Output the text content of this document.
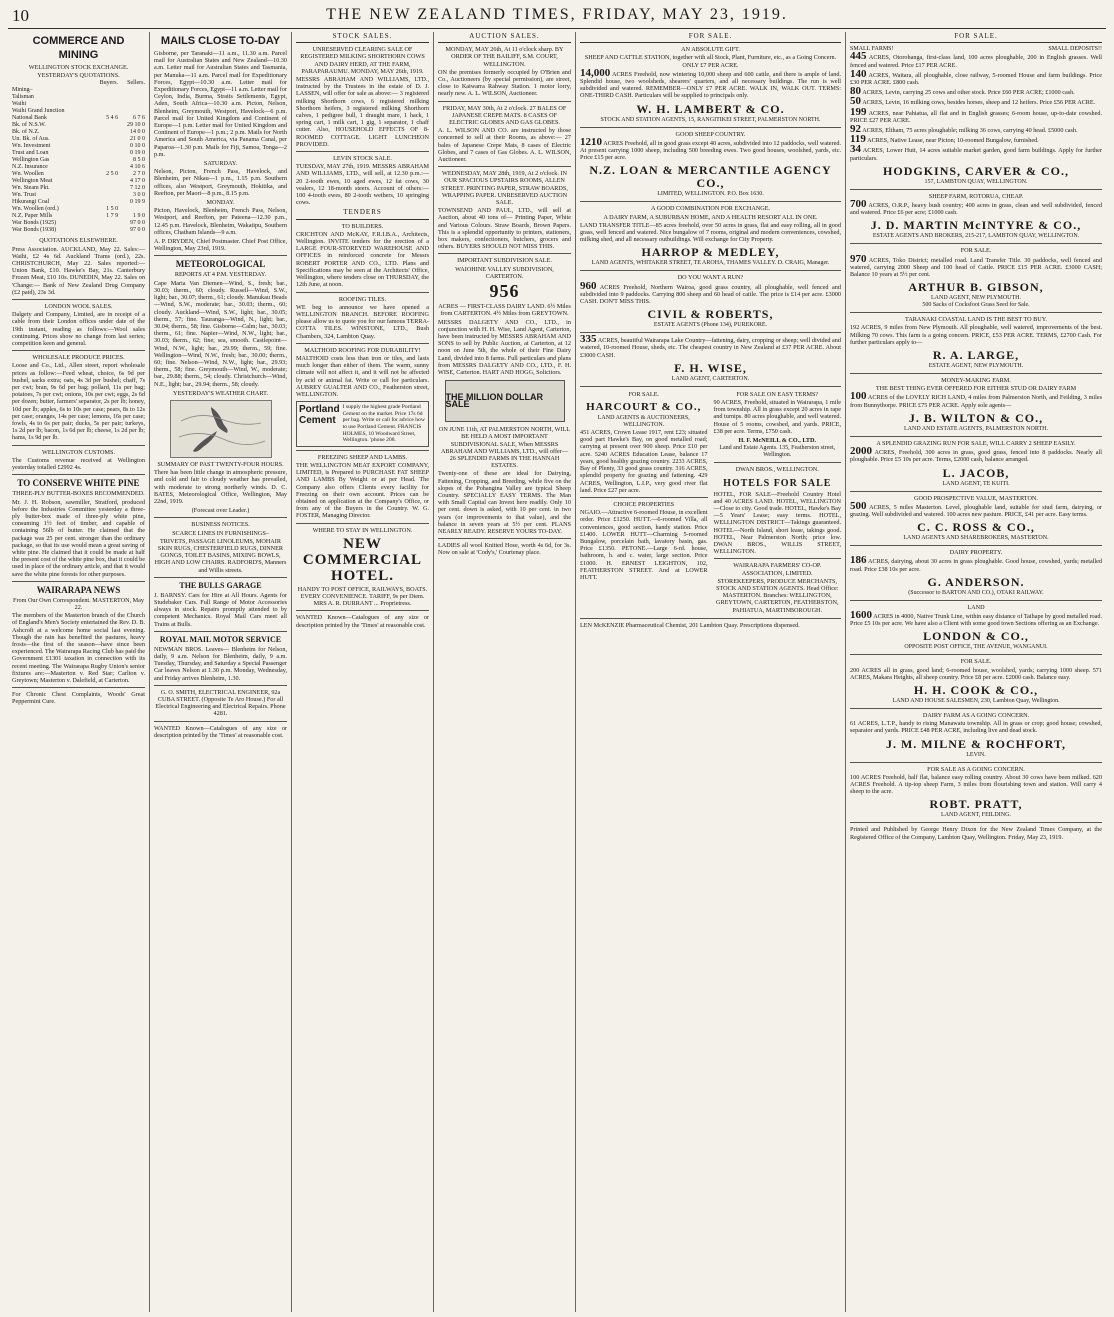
10	THE NEW ZEALAND TIMES, FRIDAY, MAY 23, 1919.
COMMERCE AND MINING
WELLINGTON STOCK EXCHANGE.
YESTERDAY'S QUOTATIONS.
	Buyers.	Sellers.
Mining–		
Talisman		
Waihi		
Waihi Grand Junction		
National Bank	5 4 6	6 7 6
Bk. of N.S.W.		29 10 0
Bk. of N.Z.		14 0 0
Un. Bk. of Aus.		21 0 0
Wn. Investment		0 10 0
Trust and Loan		0 19 0
Wellington Gas		8 5 0
N.Z. Insurance		4 10 6
Wn. Woollen	2 5 0	2 7 0
Wellington Meat		4 17 0
Wn. Steam Pkt.		7 12 0
Wn. Trust		3 0 0
Hikurangi Coal		0 19 9
Wn. Woollen (ord.)	1 5 0	
N.Z. Paper Mills	1 7 9	1 9 0
War Bonds (1925)		97 0 0
War Bonds (1938)		97 0 0
QUOTATIONS ELSEWHERE.

Press Association. AUCKLAND, May 22. Sales:— Waihi, £2 4s 6d. Auckland Trams (ord.), 22s. CHRISTCHURCH, May 22. Sales reported:— Union Bank, £10. Hawke's Bay, 21s. Canterbury Frozen Meat, £10 10s. DUNEDIN, May 22. Sales on 'Change:— Bank of New Zealand Drug Company (£2 paid), 23s 3d.

LONDON WOOL SALES.

Dalgety and Company, Limited, are in receipt of a cable from their London offices under date of the 19th instant, reading as follows:—Wool sales continuing. Prices show no change from last series; competition keen and general.

WHOLESALE PRODUCE PRICES.

Loose and Co., Ltd., Allen street, report wholesale prices as follow:—Feed wheat, choice, 6s 9d per bushel, sacks extra; oats, 4s 3d per bushel; chaff, 7s per cwt; bran, 9s 6d per bag; pollard, 11s per bag; potatoes, 7s per cwt; onions, 10s per cwt; eggs, 2s 6d per dozen; butter, farmers' separator, 2s per lb; honey, 10d per lb; apples, 6s to 10s per case; pears, 8s to 12s per case; oranges, 14s per case; lemons, 16s per case; fowls, 4s to 6s per pair; ducks, 5s per pair; turkeys, 1s 2d per lb; bacon, 1s 6d per lb; cheese, 1s 2d per lb; hams, 1s 9d per lb.

WELLINGTON CUSTOMS.

The Customs revenue received at Wellington yesterday totalled £2992 4s.

TO CONSERVE WHITE PINE
THREE-PLY BUTTER-BOXES RECOMMENDED.

Mr. J. H. Robson, sawmiller, Stratford, produced before the Industries Committee yesterday a three-ply butter-box made of three-ply white pine, consuming 1½ feet of timber, and capable of containing 56lb of butter. He claimed that the package was 25 per cent. stronger than the ordinary package, so that its use would mean a great saving of white pine. He claimed that it could be made at half the present cost of the white pine box, that it could be used in place of the ordinary article, and that it would save the white pine forests for other purposes.

WAIRARAPA NEWS
From Our Own Correspondent. MASTERTON, May 22.

The members of the Masterton branch of the Church of England's Men's Society entertained the Rev. D. B. Ashcroft at a welcome home social last evening. Though the rain has benefited the pastures, heavy frosts—the first of the season—have since been experienced. The Wairarapa Racing Club has paid the Government £1301 taxation in connection with its recent meeting. The Wairarapa Rugby Union's senior fixtures are:—Masterton v. Red Star; Carlton v. Greytown; Masterton v. Dalefield, at Carterton.

For Chronic Chest Complaints, Woods' Great Peppermint Cure.

MAILS CLOSE TO-DAY

Gisborne, per Taranaki—11 a.m., 11.30 a.m. Parcel mail for Australian States and New Zealand—10.30 a.m. Letter mail for Australian States and Tasmania, per Manuka—11 a.m. Parcel mail for Expeditionary Forces, Egypt—10.30 a.m. Letter mail for Expeditionary Forces, Egypt—11 a.m. Letter mail for Ceylon, India, Burma, Straits Settlements, Egypt, Aden, South Africa—10.30 a.m. Picton, Nelson, Blenheim, Greymouth, Westport, Havelock—6 p.m. Parcel mail for United Kingdom and Continent of Europe—1 p.m. Letter mail for United Kingdom and Continent of Europe—1 p.m.; 2 p.m. Mails for North America and South America, via Panama Canal, per Paparoa—1.30 p.m. Mails for Fiji, Samoa, Tonga—2 p.m.

SATURDAY.

Nelson, Picton, French Pass, Havelock, and Blenheim, per Nikau—1 p.m., 1.15 p.m. Southern offices, also Westport, Greymouth, Hokitika, and Reefton, per Maori—8 p.m., 8.15 p.m.

MONDAY.

Picton, Havelock, Blenheim, French Pass, Nelson, Westport, and Reefton, per Pateena—12.30 p.m., 12.45 p.m. Havelock, Blenheim, Wakatipu, Southern offices, Chatham Islands—9 a.m.

A. P. DRYDEN, Chief Postmaster. Chief Post Office, Wellington, May 23rd, 1919.

METEOROLOGICAL
REPORTS AT 4 P.M. YESTERDAY.

Cape Maria Van Diemen—Wind, S., fresh; bar., 30.03; therm., 60; cloudy. Russell—Wind, S.W., light; bar., 30.07; therm., 61; cloudy. Manukau Heads—Wind, S.W., moderate; bar., 30.03; therm., 60; cloudy. Auckland—Wind, S.W., light; bar., 30.05; therm., 57; fine. Tauranga—Wind, N., light; bar., 30.04; therm., 58; fine. Gisborne—Calm; bar., 30.03; therm., 61; fine. Napier—Wind, N.W., light; bar., 30.03; therm., 62; fine; sea, smooth. Castlepoint—Wind, N.W., light; bar., 29.99; therm., 59; fine. Wellington—Wind, N.W., fresh; bar., 30.00; therm., 60; fine. Nelson—Wind, N.W., light; bar., 29.93; therm., 58; fine. Greymouth—Wind, W., moderate; bar., 29.88; therm., 54; cloudy. Christchurch—Wind, N.E., light; bar., 29.94; therm., 58; cloudy.

YESTERDAY'S WEATHER CHART.
SUMMARY OF PAST TWENTY-FOUR HOURS.

There has been little change in atmospheric pressure, and cold and fair to cloudy weather has prevailed, with moderate to strong northerly winds. D. C. BATES, Meteorological Office, Wellington, May 22nd, 1919.

(Forecast over Leader.)
BUSINESS NOTICES.
SCARCE LINES IN FURNISHINGS–

TRIVETS, PASSAGE LINOLEUMS, MOHAIR SKIN RUGS, CHESTERFIELD RUGS, DINNER GONGS, TOILET BASINS, MIXING BOWLS, HIGH AND LOW CHAIRS. RADFORD'S, Manners and Willis streets.

THE BULLS GARAGE

J. BARNSY. Cars for Hire at All Hours. Agents for Studebaker Cars. Full Range of Motor Accessories always in stock. Repairs promptly attended to by competent Mechanics. Royal Mail Cars meet all Trains at Bulls.

ROYAL MAIL MOTOR SERVICE

NEWMAN BROS. Leaves— Blenheim for Nelson, daily, 9 a.m. Nelson for Blenheim, daily, 9 a.m. Tuesday, Thursday, and Saturday a Special Passenger Car leaves Nelson at 1.30 p.m. Monday, Wednesday, and Friday arrives Blenheim, 1.30.

G. O. SMITH, ELECTRICAL ENGINEER, 92a CUBA STREET. (Opposite Te Aro House.) For all Electrical Engineering and Electrical Repairs. Phone 4281.

WANTED Known—Catalogues of any size or description printed by the 'Times' at reasonable cost.

STOCK SALES.

UNRESERVED CLEARING SALE OF REGISTERED MILKING SHORTHORN COWS AND DAIRY HERD, AT THE FARM, PARAPARAUMU. MONDAY, MAY 26th, 1919.

MESSRS ABRAHAM AND WILLIAMS, LTD., instructed by the Trustees in the estate of D. J. LASSEN, will offer for sale as above:— 3 registered milking Shorthorn cows, 6 registered milking Shorthorn heifers, 3 registered milking Shorthorn calves, 1 pedigree bull, 1 draught mare, 1 hack, 1 spring cart, 1 milk cart, 1 gig, 1 separator, 1 chaff cutter. Also, HOUSEHOLD EFFECTS OF 8-ROOMED COTTAGE. LIGHT LUNCHEON PROVIDED.

LEVIN STOCK SALE.

TUESDAY, MAY 27th, 1919. MESSRS ABRAHAM AND WILLIAMS, LTD., will sell, at 12.30 p.m.:— 20 2-tooth ewes, 10 aged ewes, 12 fat cows, 30 vealers, 12 18-month steers. Account of others:— 100 4-tooth ewes, 80 2-tooth wethers, 10 springing cows.

TENDERS
TO BUILDERS.

CRICHTON AND McKAY, F.R.I.B.A., Architects, Wellington. INVITE tenders for the erection of a LARGE FOUR-STOREYED WAREHOUSE AND OFFICES in reinforced concrete for Messrs ROBERT PORTER AND CO., LTD. Plans and Specifications may be seen at the Architects' Office, Wellington, where tenders close on THURSDAY, the 12th June, at noon.

ROOFING TILES.

WE beg to announce we have opened a WELLINGTON BRANCH. BEFORE ROOFING please allow us to quote you for our famous TERRA-COTTA TILES. WINSTONE, LTD., Bush Chambers, 324, Lambton Quay.

MALTHOID ROOFING FOR DURABILITY!

MALTHOID costs less than iron or tiles, and lasts much longer than either of them. The warm, sunny climate will not affect it, and it will not be affected by acid or animal fat. Write or call for particulars. AUBREY GUALTER AND CO., Featherston street, WELLINGTON.

Portland Cement
I supply the highest grade Portland Cement on the market. Price 17s 6d per bag. Write or call for advice how to use Portland Cement. FRANCIS HOLMES, 10 Woodward Street, Wellington. 'phone 208.
FREEZING SHEEP AND LAMBS.

THE WELLINGTON MEAT EXPORT COMPANY, LIMITED, is Prepared to PURCHASE FAT SHEEP AND LAMBS By Weight or at per Head. The Company also offers Clients every facility for Freezing on their own account. Prices can be obtained on application at the Company's Office, or from any of the Buyers in the Country. W. G. FOSTER, Managing Director.

WHERE TO STAY IN WELLINGTON.
NEW COMMERCIAL HOTEL.

HANDY TO POST OFFICE, RAILWAYS, BOATS. EVERY CONVENIENCE. TARIFF, 9s per Diem. MRS A. R. DURRANT ... Proprietress.

WANTED Known—Catalogues of any size or description printed by the 'Times' at reasonable cost.

AUCTION SALES.

MONDAY, MAY 26th, At 11 o'clock sharp. BY ORDER OF THE BAILIFF, S.M. COURT, WELLINGTON.

ON the premises formerly occupied by O'Brien and Co., Auctioneers (by special permission), are street, close to Kaiwarra Rahway Station. 1 motor lorry, nearly new. A. L. WILSON, Auctioneer.

FRIDAY, MAY 30th, At 2 o'clock. 27 BALES OF JAPANESE CREPE MATS. 8 CASES OF ELECTRIC GLOBES AND GAS GLOBES.

A. L. WILSON AND CO. are instructed by those concerned to sell at their Rooms, as above:— 27 bales of Japanese Crepe Mats, 8 cases of Electric Globes, and 7 cases of Gas Globes. A. L. WILSON, Auctioneer.

WEDNESDAY, MAY 28th, 1919, At 2 o'clock. IN OUR SPACIOUS UPSTAIRS ROOMS, ALLEN STREET. PRINTING PAPER, STRAW BOARDS, WRAPPING PAPER. UNRESERVED AUCTION SALE.

TOWNSEND AND PAUL, LTD., will sell at Auction, about 40 tons of— Printing Paper, White and Various Colours. Straw Boards, Brown Papers. This is a splendid opportunity to printers, stationers, box makers, confectioners, butchers, grocers and others. BUYERS SHOULD NOT MISS THIS.

IMPORTANT SUBDIVISION SALE.
WAIOHINE VALLEY SUBDIVISION, CARTERTON.
956

ACRES — FIRST-CLASS DAIRY LAND. 6½ Miles from CARTERTON. 4½ Miles from GREYTOWN.

MESSRS DALGETY AND CO., LTD., in conjunction with H. H. Wise, Land Agent, Carterton, have been instructed by MESSRS ABRAHAM AND SONS to sell by Public Auction, at Carterton, at 12 noon on June 5th, the whole of their Fine Dairy Land, divided into 8 farms. Full particulars and plans from MESSRS DALGETY AND CO., LTD., F. H. WISE, Carterton. HART AND HOGG, Solicitors.

THE MILLION DOLLAR SALE

ON JUNE 11th, AT PALMERSTON NORTH, WILL BE HELD A MOST IMPORTANT SUBDIVISIONAL SALE, When MESSRS ABRAHAM AND WILLIAMS, LTD., will offer— 26 SPLENDID FARMS IN THE HANNAH ESTATES.

Twenty-one of these are ideal for Dairying, Fattening, Cropping, and Breeding, while five on the slopes of the Pohangina Valley are typical Sheep Country. SPECIALLY EASY TERMS. The Man with Small Capital can Invest here readily. Only 10 per cent. down is asked, with 10 per cent. in two years (or improvements to that value), and the balance in seven years at 5½ per cent. PLANS NEARLY READY. RESERVE YOURS TO-DAY.

LADIES all wool Knitted Hose, worth 4s 6d, for 3s. Now on sale at 'Cody's,' Courtenay place.

FOR SALE.
AN ABSOLUTE GIFT.
SHEEP AND CATTLE STATION, together with all Stock, Plant, Furniture, etc., as a Going Concern. ONLY £7 PER ACRE.

14,000 ACRES Freehold, now wintering 10,000 sheep and 600 cattle, and there is ample of land. Splendid house, two woolsheds, shearers' quarters, and all necessary buildings. The run is well subdivided and watered. REMEMBER—ONLY £7 PER ACRE. WALK IN, WALK OUT. TERMS: ONE-THIRD CASH. Particulars will be supplied to principals only.

W. H. LAMBERT & CO.
STOCK AND STATION AGENTS, 15, RANGITIKEI STREET, PALMERSTON NORTH.
GOOD SHEEP COUNTRY.

1210 ACRES Freehold, all in good grass except 40 acres, subdivided into 12 paddocks, well watered. At present carrying 1000 sheep, including 500 breeding ewes. Two good houses, woolshed, yards, etc. Price £15 per acre.

N.Z. LOAN & MERCANTILE AGENCY CO.,
LIMITED, WELLINGTON. P.O. Box 1630.
A GOOD COMBINATION FOR EXCHANGE.
A DAIRY FARM, A SUBURBAN HOME, AND A HEALTH RESORT ALL IN ONE.

LAND TRANSFER TITLE—85 acres freehold, over 50 acres in grass, flat and easy rolling, all in good grass, well fenced and watered. Nice bungalow of 7 rooms, original and modern conveniences, cowshed, milking shed, and all necessary outbuildings. Will exchange for City Property.

HARROP & MEDLEY,
LAND AGENTS, WHITAKER STREET, TE AROHA, THAMES VALLEY. D. CRAIG, Manager.
DO YOU WANT A RUN?

960 ACRES Freehold, Northern Wairoa, good grass country, all ploughable, well fenced and subdivided into 9 paddocks. Carrying 800 sheep and 60 head of cattle. The price is £14 per acre. £3000 CASH. DON'T MISS THIS.

CIVIL & ROBERTS,
ESTATE AGENTS (Phone 134), PUREKORE.

335 ACRES, beautiful Wairarapa Lake Country—fattening, dairy, cropping or sheep; well divided and watered, 10-roomed House, sheds, etc. The cheapest country in New Zealand at £37 PER ACRE. About £3000 CASH.

F. H. WISE,
LAND AGENT, CARTERTON.
FOR SALE.
HARCOURT & CO.,
LAND AGENTS & AUCTIONEERS, WELLINGTON.

451 ACRES, Crown Lease 1917, rent £23; situated good part Hawke's Bay, on good metalled road; carrying at present over 900 sheep. Price £10 per acre. 5240 ACRES Education Lease, balance 17 years, good healthy grazing country. 2233 ACRES, Bay of Plenty, 33 good grass country. 316 ACRES, splendid property for grazing and fattening. 429 ACRES, Wellington, L.I.P., very good river flat land. Price £27 per acre.

CHOICE PROPERTIES

NGAIO.—Attractive 6-roomed House, in excellent order. Price £1250. HUTT.—6-roomed Villa, all conveniences, good section, handy station. Price £1400. LOWER HUTT—Charming 5-roomed Bungalow, porcelain bath, lavatory basin, gas. Price £1350. PETONE.—Large 6-rd. house, bathroom, h. and c. water, large section. Price £1000. H. ERNEST LEIGHTON, 102, FEATHERSTON STREET. And at LOWER HUTT.

FOR SALE ON EASY TERMS?

90 ACRES, Freehold, situated in Wairarapa, 1 mile from township. All in grass except 20 acres in rape and turnips. 80 acres ploughable, and well watered. House of 5 rooms, cowshed, and yards. PRICE, £38 per acre. Terms, £750 cash.

H. F. McNEILL & CO., LTD.
Land and Estate Agents. 135, Featherston street, Wellington.
DWAN BROS., WELLINGTON.
HOTELS FOR SALE

HOTEL, FOR SALE—Freehold Country Hotel and 40 ACRES LAND. HOTEL, WELLINGTON—Close to city. Good trade. HOTEL, Hawke's Bay—5 Years' Lease; easy terms. HOTEL, WELLINGTON DISTRICT—Takings guaranteed. HOTEL—North Island, short lease, takings good. HOTEL, Near Palmerston North; price low. DWAN BROS., WILLIS STREET, WELLINGTON.

WAIRARAPA FARMERS' CO-OP. ASSOCIATION, LIMITED.

STOREKEEPERS, PRODUCE MERCHANTS, STOCK AND STATION AGENTS. Head Office: MASTERTON. Branches: WELLINGTON, GREYTOWN, CARTERTON, FEATHERSTON, PAHIATUA, MARTINBOROUGH.

LEN McKENZIE Pharmaceutical Chemist, 201 Lambton Quay. Prescriptions dispensed.

FOR SALE.
SMALL FARMS!	SMALL DEPOSITS!!

445 ACRES, Otorohanga, first-class land, 100 acres ploughable, 200 in English grasses. Well fenced and watered. Price £17 PER ACRE.

140 ACRES, Waitara, all ploughable, close railway, 5-roomed House and farm buildings. Price £30 PER ACRE. £800 cash.

80 ACRES, Levin, carrying 25 cows and other stock. Price £60 PER ACRE; £1000 cash.

50 ACRES, Levin, 16 milking cows, besides horses, sheep and 12 heifers. Price £56 PER ACRE.

199 ACRES, near Pahiatua, all flat and in English grasses; 6-room house, up-to-date cowshed. PRICE £27 PER ACRE.

92 ACRES, Eltham, 75 acres ploughable; milking 36 cows, carrying 40 head. £5000 cash.

119 ACRES, Native Lease, near Picton; 10-roomed Bungalow, furnished.

34 ACRES, Lower Hutt, 14 acres suitable market garden, good farm buildings. Apply for further particulars.

HODGKINS, CARVER & CO.,
157, LAMBTON QUAY, WELLINGTON.
SHEEP FARM, ROTORUA, CHEAP.

700 ACRES, O.R.P., heavy bush country; 400 acres in grass, clean and well subdivided, fenced and watered. Price £6 per acre; £1000 cash.

J. D. MARTIN McINTYRE & CO.,
ESTATE AGENTS AND BROKERS, 215-217, LAMBTON QUAY, WELLINGTON.
FOR SALE.

970 ACRES, Toko District; metalled road. Land Transfer Title. 30 paddocks, well fenced and watered, carrying 2000 Sheep and 100 head of Cattle. PRICE £15 PER ACRE. £3000 CASH; Balance 10 years at 5½ per cent.

ARTHUR B. GIBSON,
LAND AGENT, NEW PLYMOUTH.
500 Sacks of Cocksfoot Grass Seed for Sale.
TARANAKI COASTAL LAND IS THE BEST TO BUY.

192 ACRES, 9 miles from New Plymouth. All ploughable, well watered, improvements of the best. Milking 70 cows. This farm is a going concern. PRICE, £53 PER ACRE. TERMS, £2700 Cash. For further particulars apply to—

R. A. LARGE,
ESTATE AGENT, NEW PLYMOUTH.
MONEY-MAKING FARM.
THE BEST THING EVER OFFERED FOR EITHER STUD OR DAIRY FARM

100 ACRES of the LOVELY RICH LAND, 4 miles from Palmerston North, and Feilding, 3 miles from Bunnythorpe. PRICE £75 PER ACRE. Apply sole agents—

J. B. WILTON & CO.,
LAND AND ESTATE AGENTS, PALMERSTON NORTH.
A SPLENDID GRAZING RUN FOR SALE, WILL CARRY 2 SHEEP EASILY.

2000 ACRES, Freehold, 300 acres in grass, good grass, fenced into 8 paddocks. Nearly all ploughable. Price £5 10s per acre. Terms, £2000 cash, balance arranged.

L. JACOB,
LAND AGENT, TE KUITI.
GOOD PROSPECTIVE VALUE, MASTERTON.

500 ACRES, 5 miles Masterton. Level, ploughable land, suitable for stud farm, dairying, or grazing. Well subdivided and watered. 100 acres new pasture. PRICE, £41 per acre. Easy terms.

C. C. ROSS & CO.,
LAND AGENTS AND SHAREBROKERS, MASTERTON.
DAIRY PROPERTY.

186 ACRES, dairying, about 30 acres in grass ploughable. Good house, cowshed, yards; metalled road. Price £38 10s per acre.

G. ANDERSON.
(Successor to BARTON AND CO.), OTAKI RAILWAY.
LAND

1600 ACRES in 4000, Native Trunk Line, within easy distance of Taihape by good metalled road. Price £5 10s per acre. We have also a Client with some good town Sections offering as an Exchange.

LONDON & CO.,
OPPOSITE POST OFFICE, THE AVENUE, WANGANUI.
FOR SALE.

200 ACRES all in grass, good land; 6-roomed house, woolshed, yards; carrying 1000 sheep. 571 ACRES, Makara Heights, all sheep country. Price £8 per acre. £2000 cash. Balance easy.

H. H. COOK & CO.,
LAND AND HOUSE SALESMEN, 230, Lambton Quay, Wellington.
DAIRY FARM AS A GOING CONCERN.

61 ACRES, L.T.P., handy to rising Manawatu township. All in grass or crop; good house; cowshed, separator and yards. PRICE £48 PER ACRE, including live and dead stock.

J. M. MILNE & ROCHFORT,
LEVIN.
FOR SALE AS A GOING CONCERN.

100 ACRES Freehold, half flat, balance easy rolling country. About 30 cows have been milked. 620 ACRES Freehold. A tip-top sheep Farm, 3 miles from flourishing town and station. Will carry 4 sheep to the acre.

ROBT. PRATT,
LAND AGENT, FEILDING.

Printed and Published by George Henry Dixon for the New Zealand Times Company, at the Registered Office of the Company, Lambton Quay, Wellington. Friday, May 23, 1919.
